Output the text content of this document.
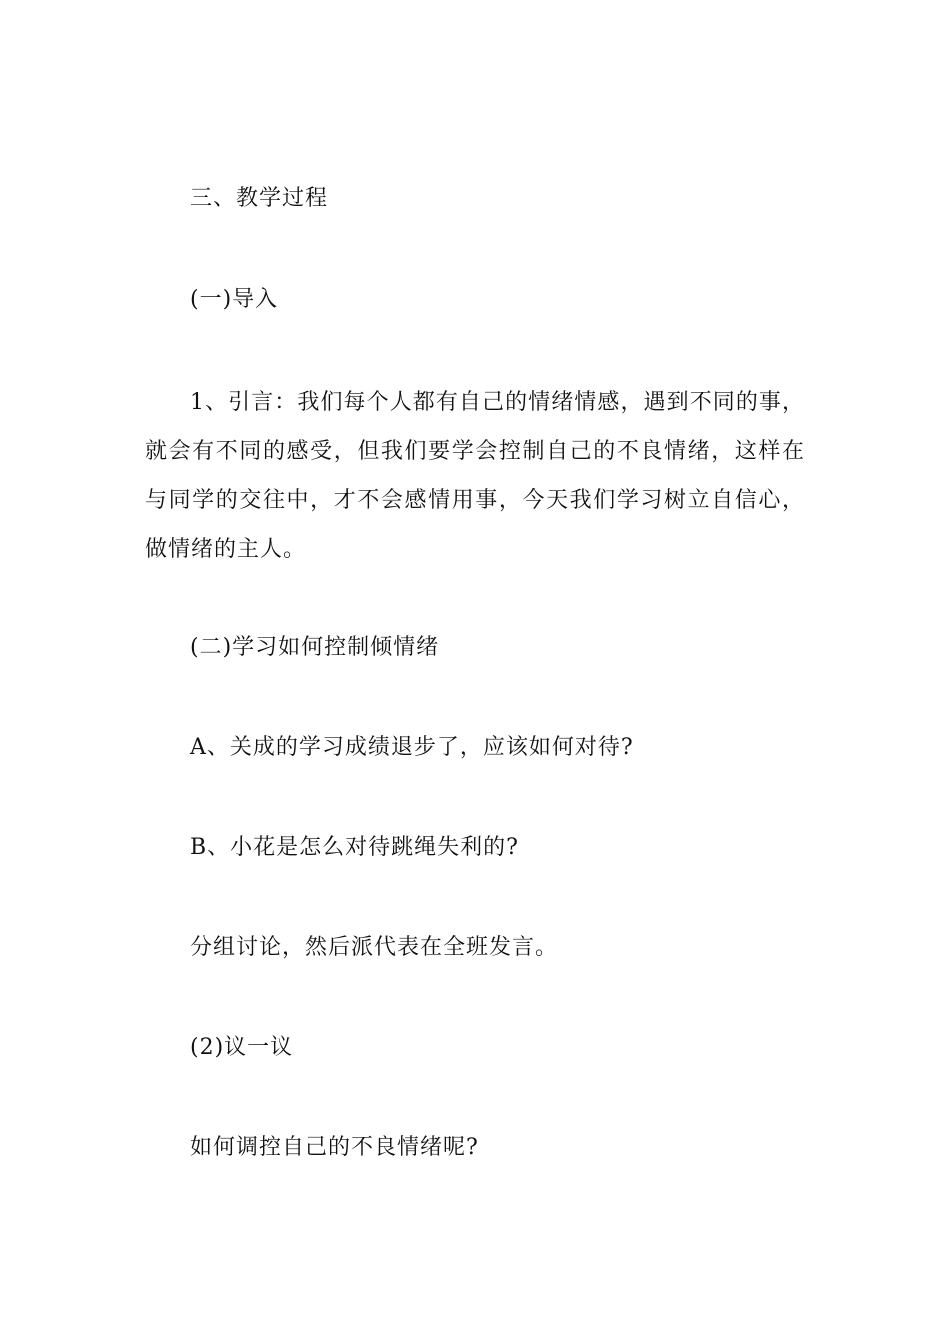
三、教学过程
(一)导入
1、引言：我们每个人都有自己的情绪情感，遇到不同的事，就会有不同的感受，但我们要学会控制自己的不良情绪，这样在与同学的交往中，才不会感情用事，今天我们学习树立自信心，做情绪的主人。
(二)学习如何控制倾情绪
A、关成的学习成绩退步了，应该如何对待?
B、小花是怎么对待跳绳失利的?
分组讨论，然后派代表在全班发言。
(2)议一议
如何调控自己的不良情绪呢?
